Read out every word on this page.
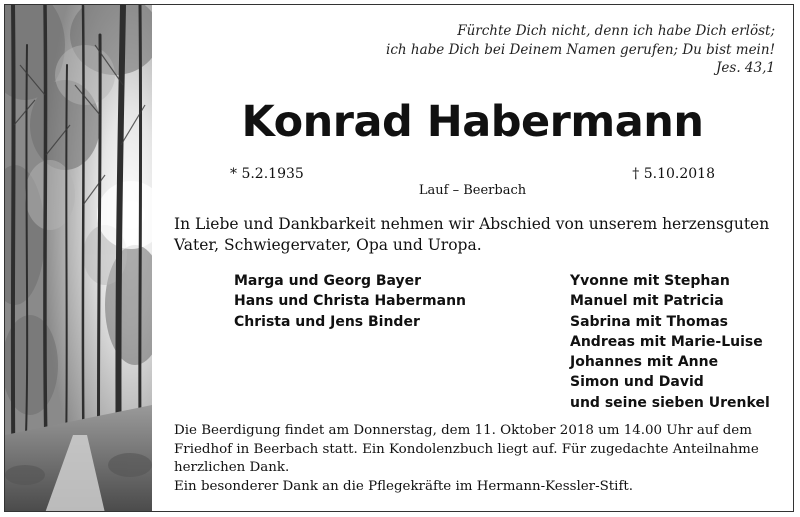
Fürchte Dich nicht, denn ich habe Dich erlöst;
ich habe Dich bei Deinem Namen gerufen; Du bist mein!
Jes. 43,1
Konrad Habermann
* 5.2.1935	† 5.10.2018
Lauf – Beerbach
In Liebe und Dankbarkeit nehmen wir Abschied von unserem herzensguten
Vater, Schwiegervater, Opa und Uropa.
Marga und Georg Bayer
Hans und Christa Habermann
Christa und Jens Binder
Yvonne mit Stephan
Manuel mit Patricia
Sabrina mit Thomas
Andreas mit Marie-Luise
Johannes mit Anne
Simon und David
und seine sieben Urenkel
Die Beerdigung findet am Donnerstag, dem 11. Oktober 2018 um 14.00 Uhr auf dem
Friedhof in Beerbach statt. Ein Kondolenzbuch liegt auf. Für zugedachte Anteilnahme
herzlichen Dank.
Ein besonderer Dank an die Pflegekräfte im Hermann-Kessler-Stift.
